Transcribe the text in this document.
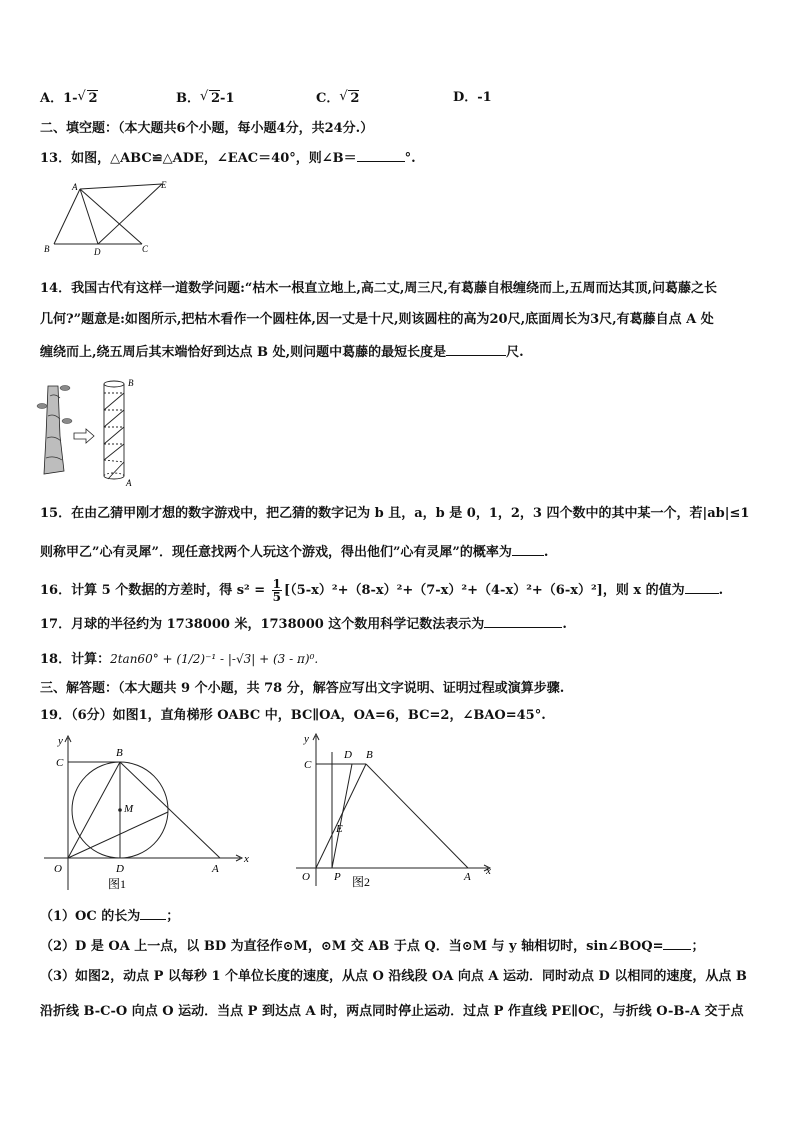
A．1- √ 2	B． √ 2-1	C． √ 2	D．-1
二、填空题：（本大题共6个小题，每小题4分，共24分.）
13．如图，△ABC≌△ADE，∠EAC＝40°，则∠B＝	°.
A	E
B	D	C
14．我国古代有这样一道数学问题:“枯木一根直立地上,高二丈,周三尺,有葛藤自根缠绕而上,五周而达其顶,问葛藤之长
几何?”题意是:如图所示,把枯木看作一个圆柱体,因一丈是十尺,则该圆柱的高为20尺,底面周长为3尺,有葛藤自点 A 处
缠绕而上,绕五周后其末端恰好到达点 B 处,则问题中葛藤的最短长度是	尺.
B
A
15．在由乙猜甲刚才想的数字游戏中，把乙猜的数字记为 b 且，a，b 是 0，1，2，3 四个数中的其中某一个，若|ab|≤1
则称甲乙”心有灵犀”．现任意找两个人玩这个游戏，得出他们”心有灵犀”的概率为 .
16．计算 5 个数据的方差时，得 $s^2 = \frac{1}{5} [(5-x)^2+(8-x)^2+(7-x)^2+(4-x)^2+(6-x)^2]$，则 x 的值为	.
17．月球的半径约为 1738000 米，1738000 这个数用科学记数法表示为	.
18．计算：2tan60° + (1/2)⁻¹ - |-√3| + (3 - π)⁰.
三、解答题：（本大题共 9 个小题，共 78 分，解答应写出文字说明、证明过程或演算步骤.
19．（6分）如图1，直角梯形 OABC 中，BC∥OA，OA=6，BC=2，∠BAO=45°.
y
x
C
B
M
O	D	A
图1
y
x
C
D B
E
O P	A
图2
（1）OC 的长为 ；
（2）D 是 OA 上一点，以 BD 为直径作⊙M，⊙M 交 AB 于点 Q．当⊙M 与 y 轴相切时，sin∠BOQ= ；
（3）如图2，动点 P 以每秒 1 个单位长度的速度，从点 O 沿线段 OA 向点 A 运动．同时动点 D 以相同的速度，从点 B
沿折线 B-C-O 向点 O 运动．当点 P 到达点 A 时，两点同时停止运动．过点 P 作直线 PE∥OC，与折线 O-B-A 交于点
